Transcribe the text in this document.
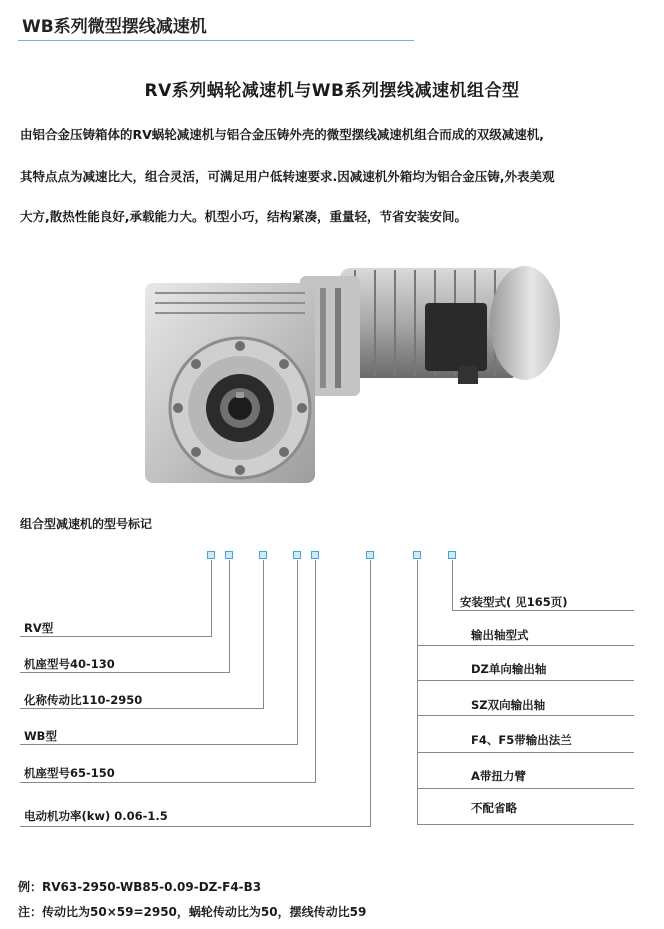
WB系列微型摆线减速机
RV系列蜗轮减速机与WB系列摆线减速机组合型
由铝合金压铸箱体的RV蜗轮减速机与铝合金压铸外壳的微型摆线减速机组合而成的双级减速机,
其特点点为减速比大，组合灵活，可满足用户低转速要求.因减速机外箱均为铝合金压铸,外表美观
大方,散热性能良好,承载能力大。机型小巧，结构紧凑，重量轻，节省安装安间。
组合型减速机的型号标记
RV型
机座型号40-130
化称传动比110-2950
WB型
机座型号65-150
电动机功率(kw) 0.06-1.5
安装型式( 见165页)
输出轴型式
DZ单向输出轴
SZ双向输出轴
F4、F5带输出法兰
A带扭力臂
不配省略
例：RV63-2950-WB85-0.09-DZ-F4-B3
注：传动比为50×59=2950，蜗轮传动比为50，摆线传动比59
